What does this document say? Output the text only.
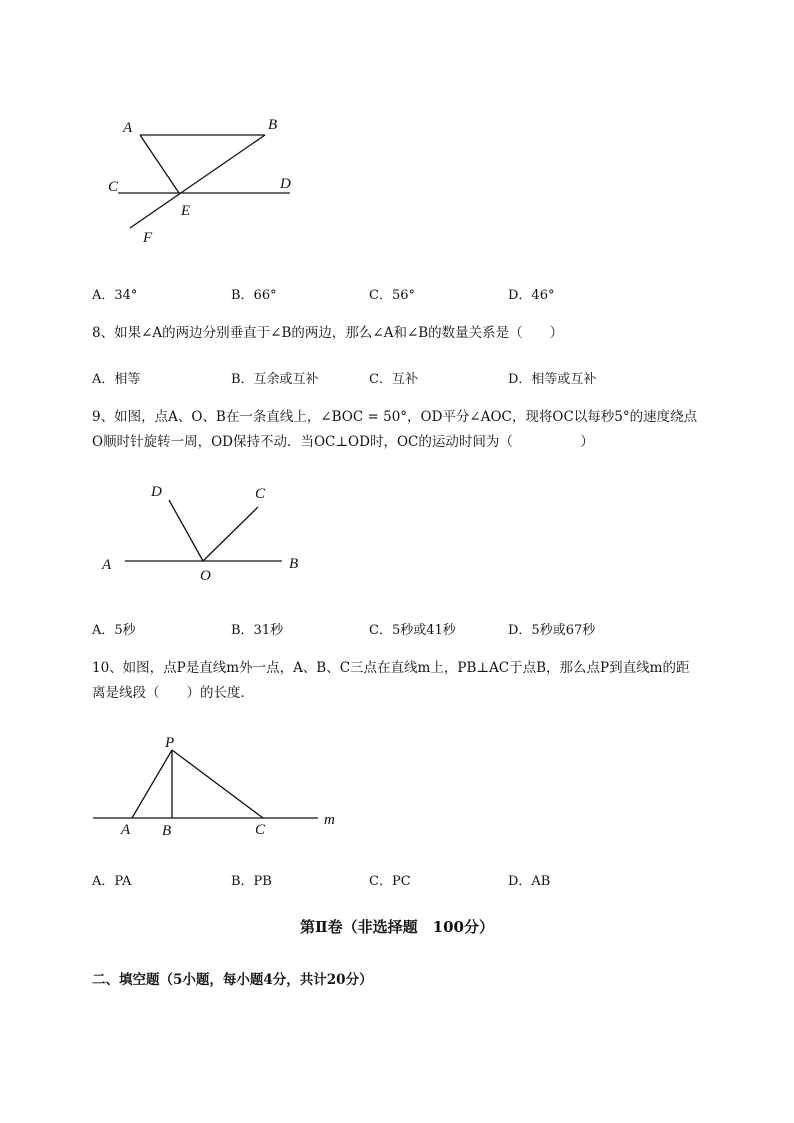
A	B
C	D
E
F
A．34°	B．66°	C．56°	D．46°
8、如果∠A的两边分别垂直于∠B的两边，那么∠A和∠B的数量关系是（　　）
A．相等	B．互余或互补	C．互补	D．相等或互补
9、如图，点A、O、B在一条直线上，∠BOC = 50°，OD平分∠AOC，现将OC以每秒5°的速度绕点
O顺时针旋转一周，OD保持不动．当OC⊥OD时，OC的运动时间为（　　　　　）
D	C
A
O
B
A．5秒	B．31秒	C．5秒或41秒	D．5秒或67秒
10、如图，点P是直线m外一点，A、B、C三点在直线m上，PB⊥AC于点B，那么点P到直线m的距
离是线段（　　）的长度．
P
A B	C
m
A．PA	B．PB	C．PC	D．AB
第Ⅱ卷（非选择题　100分）
二、填空题（5小题，每小题4分，共计20分）
